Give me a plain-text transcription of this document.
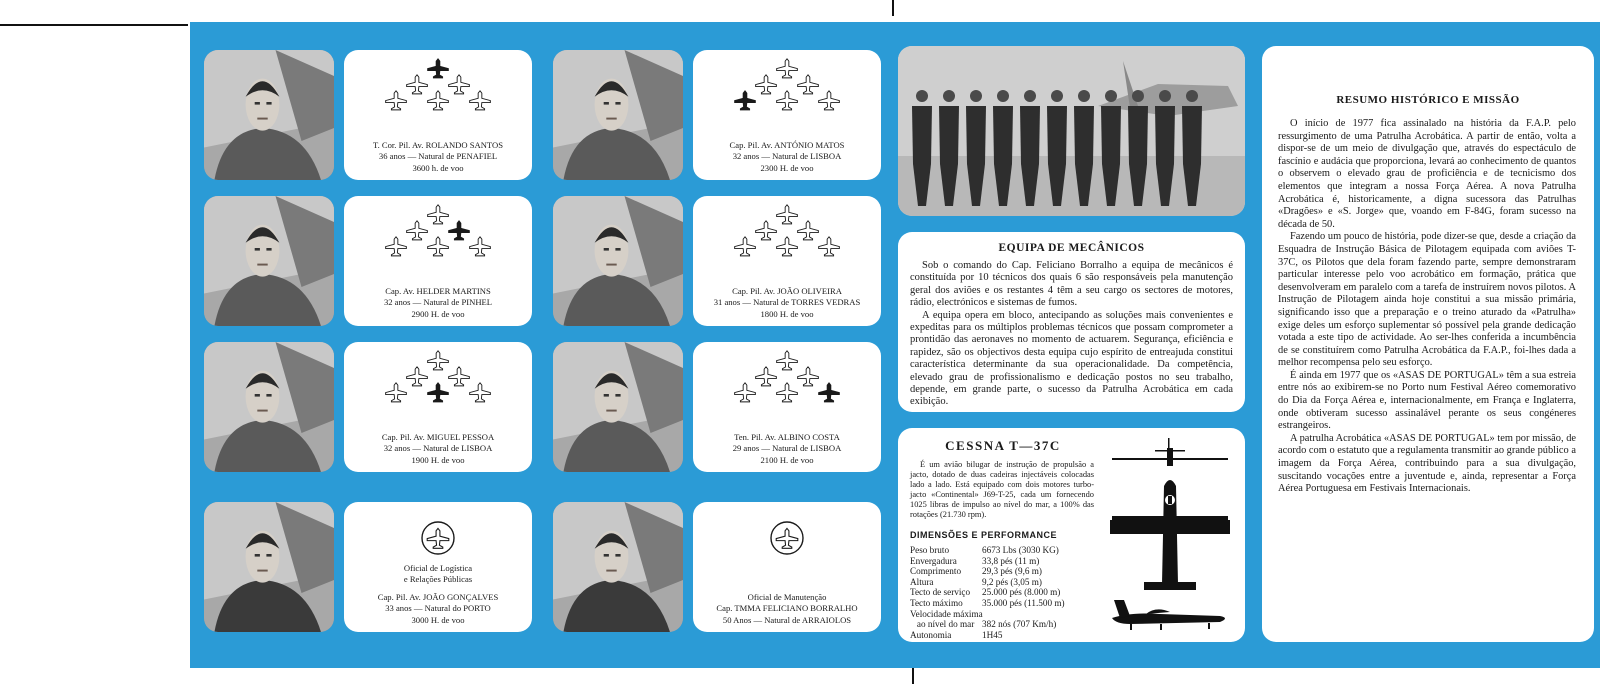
T. Cor. Pil. Av. ROLANDO SANTOS
36 anos — Natural de PENAFIEL
3600 h. de voo
Cap. Av. HELDER MARTINS
32 anos — Natural de PINHEL
2900 H. de voo
Cap. Pil. Av. MIGUEL PESSOA
32 anos — Natural de LISBOA
1900 H. de voo
Oficial de Logística
e Relações Públicas
Cap. Pil. Av. JOÃO GONÇALVES
33 anos — Natural do PORTO
3000 H. de voo
Cap. Pil. Av. ANTÓNIO MATOS
32 anos — Natural de LISBOA
2300 H. de voo
Cap. Pil. Av. JOÃO OLIVEIRA
31 anos — Natural de TORRES VEDRAS
1800 H. de voo
Ten. Pil. Av. ALBINO COSTA
29 anos — Natural de LISBOA
2100 H. de voo
Oficial de Manutenção
Cap. TMMA FELICIANO BORRALHO
50 Anos — Natural de ARRAIOLOS
EQUIPA DE MECÂNICOS

Sob o comando do Cap. Feliciano Borralho a equipa de mecânicos é constituída por 10 técnicos dos quais 6 são responsáveis pela manutenção geral dos aviões e os restantes 4 têm a seu cargo os sectores de motores, rádio, electrónicos e sistemas de fumos.

A equipa opera em bloco, antecipando as soluções mais convenientes e expeditas para os múltiplos problemas técnicos que possam comprometer a prontidão das aeronaves no momento de actuarem. Segurança, eficiência e rapidez, são os objectivos desta equipa cujo espírito de entreajuda constitui característica determinante da sua operacionalidade. Da competência, elevado grau de profissionalismo e dedicação postos no seu trabalho, depende, em grande parte, o sucesso da Patrulha Acrobática em cada exibição.

CESSNA T—37C
É um avião bilugar de instrução de propulsão a jacto, dotado de duas cadeiras injectáveis colocadas lado a lado. Está equipado com dois motores turbo-jacto «Continental» J69-T-25, cada um fornecendo 1025 libras de impulso ao nível do mar, a 100% das rotações (21.730 rpm).
DIMENSÕES E PERFORMANCE
Peso bruto	6673 Lbs (3030 KG)
Envergadura	33,8 pés (11 m)
Comprimento	29,3 pés (9,6 m)
Altura	9,2 pés (3,05 m)
Tecto de serviço	25.000 pés (8.000 m)
Tecto máximo	35.000 pés (11.500 m)
Velocidade máxima
ao nível do mar 382 nós (707 Km/h)
Autonomia	1H45
RESUMO HISTÓRICO E MISSÃO

O início de 1977 fica assinalado na história da F.A.P. pelo ressurgimento de uma Patrulha Acrobática. A partir de então, volta a dispor-se de um meio de divulgação que, através do espectáculo de fascínio e audácia que proporciona, levará ao conhecimento de quantos o observem o elevado grau de proficiência e de tecnicismo dos elementos que integram a nossa Força Aérea. A nova Patrulha Acrobática é, historicamente, a digna sucessora das Patrulhas «Dragões» e «S. Jorge» que, voando em F-84G, foram sucesso na década de 50.

Fazendo um pouco de história, pode dizer-se que, desde a criação da Esquadra de Instrução Básica de Pilotagem equipada com aviões T-37C, os Pilotos que dela foram fazendo parte, sempre demonstraram particular interesse pelo voo acrobático em formação, prática que desenvolveram em paralelo com a tarefa de instruírem novos pilotos. A Instrução de Pilotagem ainda hoje constitui a sua missão primária, significando isso que a preparação e o treino aturado da «Patrulha» exige deles um esforço suplementar só possível pela grande dedicação votada a este tipo de actividade. Ao ser-lhes conferida a incumbência de se constituírem como Patrulha Acrobática da F.A.P., foi-lhes dada a melhor recompensa pelo seu esforço.

É ainda em 1977 que os «ASAS DE PORTUGAL» têm a sua estreia entre nós ao exibirem-se no Porto num Festival Aéreo comemorativo do Dia da Força Aérea e, internacionalmente, em França e Inglaterra, onde obtiveram sucesso assinalável perante os seus congéneres estrangeiros.

A patrulha Acrobática «ASAS DE PORTUGAL» tem por missão, de acordo com o estatuto que a regulamenta transmitir ao grande público a imagem da Força Aérea, contribuindo para a sua divulgação, suscitando vocações entre a juventude e, ainda, representar a Força Aérea Portuguesa em Festivais Internacionais.
